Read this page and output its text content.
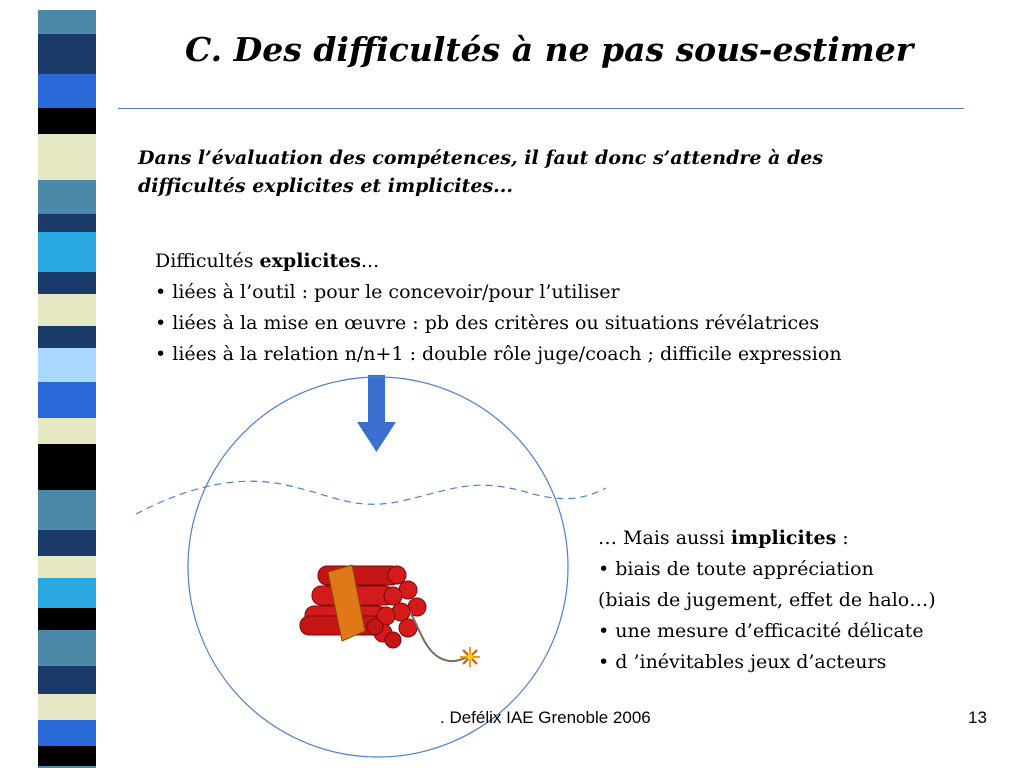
C. Des difficultés à ne pas sous-estimer
Dans l’évaluation des compétences, il faut donc s’attendre à des difficultés explicites et implicites...
Difficultés explicites...
• liées à l’outil : pour le concevoir/pour l’utiliser
• liées à la mise en œuvre : pb des critères ou situations révélatrices
• liées à la relation n/n+1 : double rôle juge/coach ; difficile expression
… Mais aussi implicites :
• biais de toute appréciation
(biais de jugement, effet de halo…)
• une mesure d’efficacité délicate
• d ’inévitables jeux d’acteurs
. Defélix IAE Grenoble 2006	13
